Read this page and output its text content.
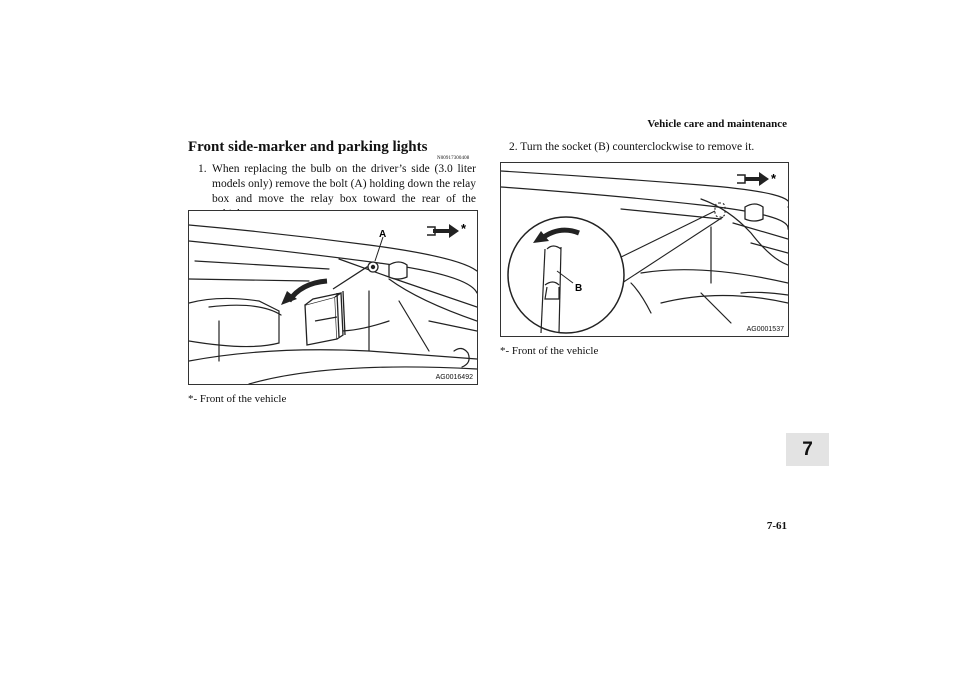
Vehicle care and maintenance
Front side-marker and parking lights
N00917300408
1. When replacing the bulb on the driver’s side (3.0 liter models only) remove the bolt (A) holding down the relay box and move the relay box toward the rear of the
2. Turn the socket (B) counterclockwise to remove it.
A	*
AG0016492
B
*
AG0001537
*- Front of the vehicle
*- Front of the vehicle
7
7-61
